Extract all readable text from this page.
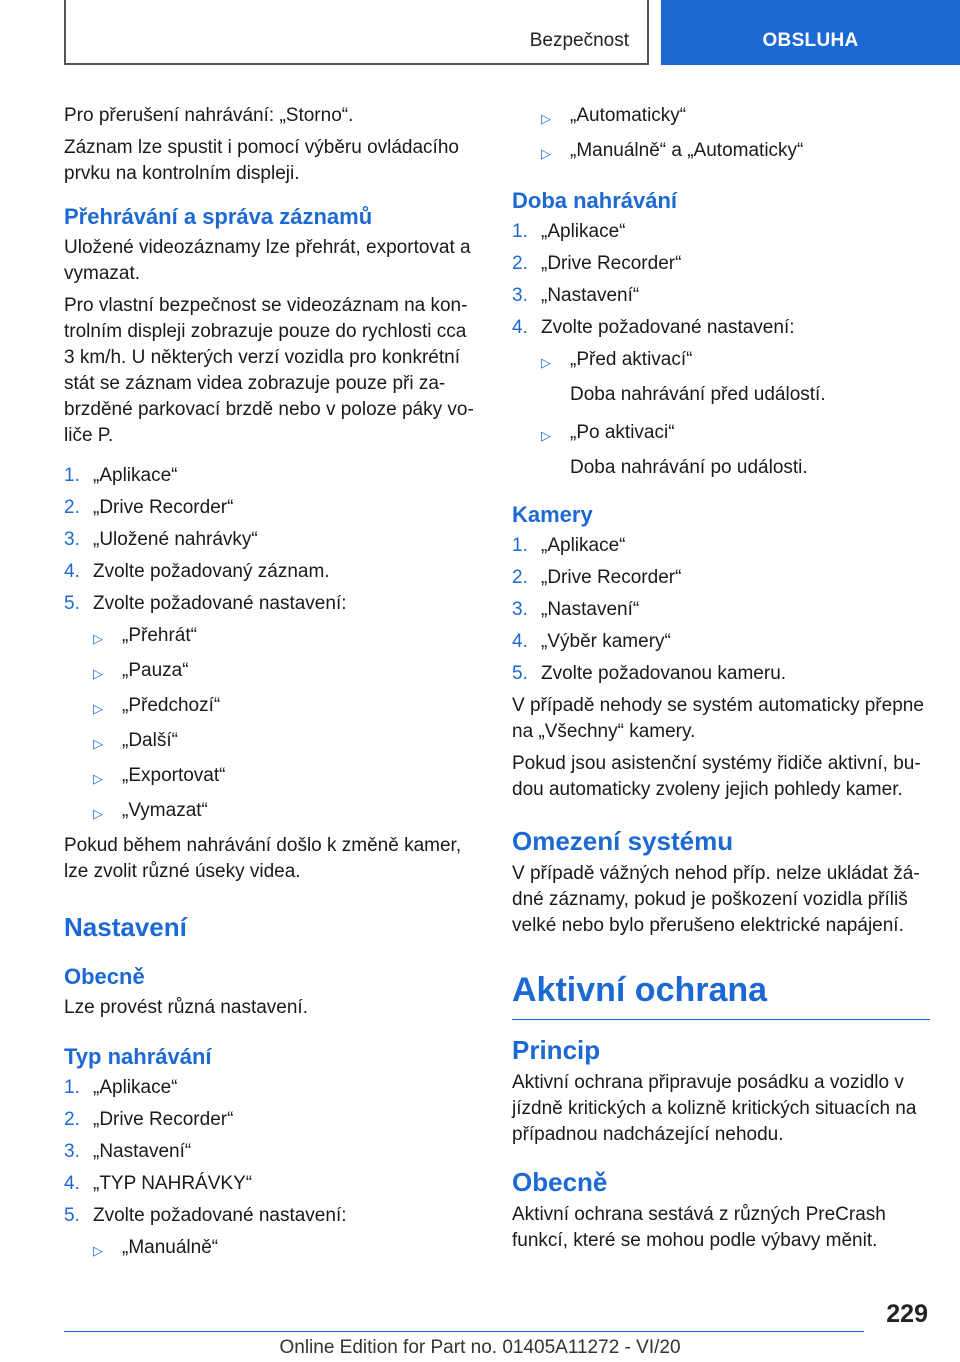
Bezpečnost	OBSLUHA

Pro přerušení nahrávání: „Storno“.

Záznam lze spustit i pomocí výběru ovládacího prvku na kontrolním displeji.

Přehrávání a správa záznamů

Uložené videozáznamy lze přehrát, exportovat a vymazat.

Pro vlastní bezpečnost se videozáznam na kon-trolním displeji zobrazuje pouze do rychlosti cca 3 km/h. U některých verzí vozidla pro konkrétní stát se záznam videa zobrazuje pouze při za-brzděné parkovací brzdě nebo v poloze páky vo-liče P.

1. „Aplikace“
2. „Drive Recorder“
3. „Uložené nahrávky“
4. Zvolte požadovaný záznam.
5. Zvolte požadované nastavení:
▷	„Přehrát“
▷	„Pauza“
▷	„Předchozí“
▷	„Další“
▷	„Exportovat“
▷	„Vymazat“

Pokud během nahrávání došlo k změně kamer, lze zvolit různé úseky videa.

Nastavení
Obecně

Lze provést různá nastavení.

Typ nahrávání
1. „Aplikace“
2. „Drive Recorder“
3. „Nastavení“
4. „TYP NAHRÁVKY“
5. Zvolte požadované nastavení:
▷	„Manuálně“
▷	„Automaticky“
▷	„Manuálně“ a „Automaticky“
Doba nahrávání
1. „Aplikace“
2. „Drive Recorder“
3. „Nastavení“
4. Zvolte požadované nastavení:
▷	„Před aktivací“
Doba nahrávání před událostí.
▷	„Po aktivaci“
Doba nahrávání po události.
Kamery
1. „Aplikace“
2. „Drive Recorder“
3. „Nastavení“
4. „Výběr kamery“
5. Zvolte požadovanou kameru.

V případě nehody se systém automaticky přepne na „Všechny“ kamery.

Pokud jsou asistenční systémy řidiče aktivní, bu-dou automaticky zvoleny jejich pohledy kamer.

Omezení systému

V případě vážných nehod příp. nelze ukládat žá-dné záznamy, pokud je poškození vozidla příliš velké nebo bylo přerušeno elektrické napájení.

Aktivní ochrana
Princip

Aktivní ochrana připravuje posádku a vozidlo v jízdně kritických a kolizně kritických situacích na případnou nadcházející nehodu.

Obecně

Aktivní ochrana sestává z různých PreCrash funkcí, které se mohou podle výbavy měnit.

229
Online Edition for Part no. 01405A11272 - VI/20
